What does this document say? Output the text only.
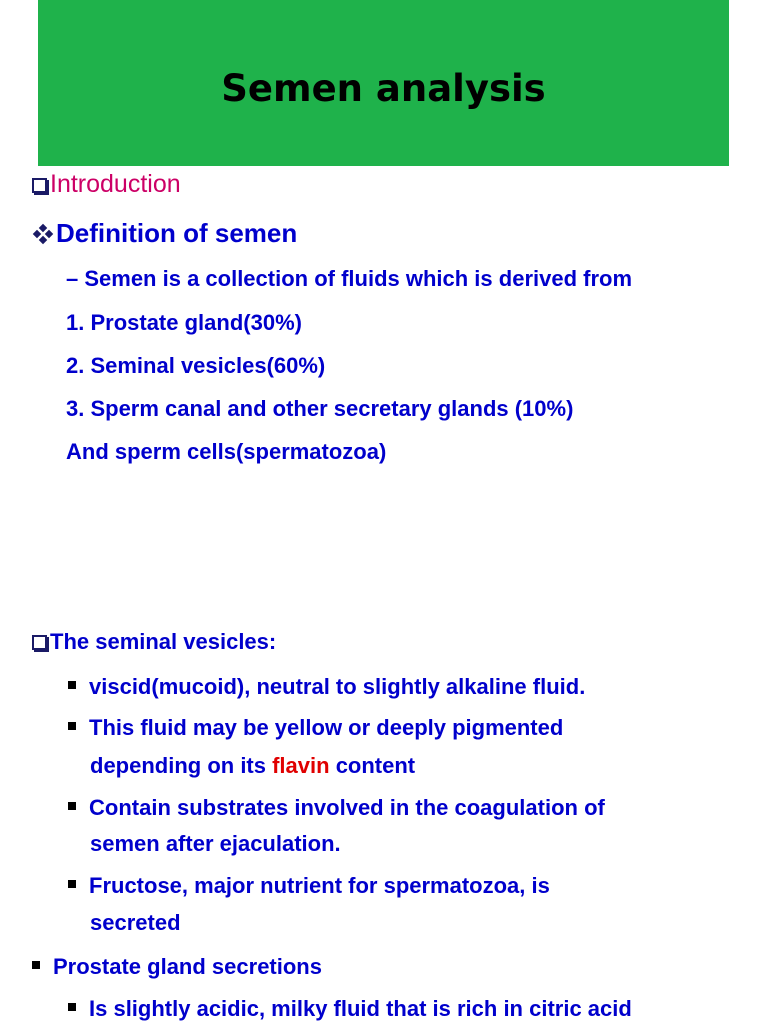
Semen analysis
Introduction
Definition of semen
– Semen is a collection of fluids which is derived from
1. Prostate gland(30%)
2. Seminal vesicles(60%)
3. Sperm canal and other secretary glands (10%)
And sperm cells(spermatozoa)
The seminal vesicles:
viscid(mucoid), neutral to slightly alkaline fluid.
This fluid may be yellow or deeply pigmented
depending on its flavin content
Contain substrates involved in the coagulation of
semen after ejaculation.
Fructose, major nutrient for spermatozoa, is
secreted
Prostate gland secretions
Is slightly acidic, milky fluid that is rich in citric acid
